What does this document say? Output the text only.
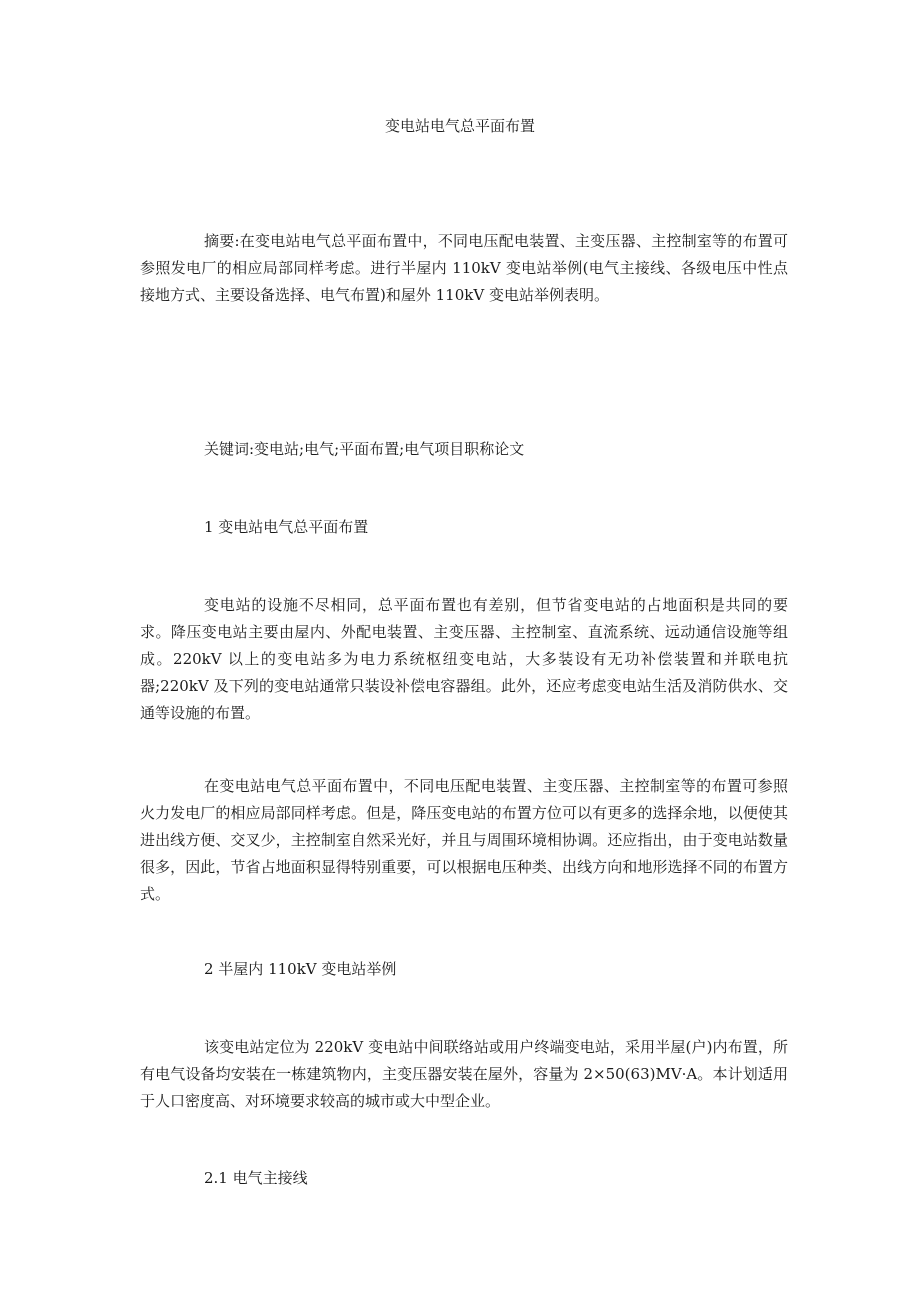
变电站电气总平面布置

摘要:在变电站电气总平面布置中，不同电压配电装置、主变压器、主控制室等的布置可参照发电厂的相应局部同样考虑。进行半屋内 110kV 变电站举例(电气主接线、各级电压中性点接地方式、主要设备选择、电气布置)和屋外 110kV 变电站举例表明。

关键词:变电站;电气;平面布置;电气项目职称论文

1 变电站电气总平面布置

变电站的设施不尽相同，总平面布置也有差别，但节省变电站的占地面积是共同的要求。降压变电站主要由屋内、外配电装置、主变压器、主控制室、直流系统、远动通信设施等组成。220kV 以上的变电站多为电力系统枢纽变电站，大多装设有无功补偿装置和并联电抗器;220kV 及下列的变电站通常只装设补偿电容器组。此外，还应考虑变电站生活及消防供水、交通等设施的布置。

在变电站电气总平面布置中，不同电压配电装置、主变压器、主控制室等的布置可参照火力发电厂的相应局部同样考虑。但是，降压变电站的布置方位可以有更多的选择余地，以便使其进出线方便、交叉少，主控制室自然采光好，并且与周围环境相协调。还应指出，由于变电站数量很多，因此，节省占地面积显得特别重要，可以根据电压种类、出线方向和地形选择不同的布置方式。

2 半屋内 110kV 变电站举例

该变电站定位为 220kV 变电站中间联络站或用户终端变电站，采用半屋(户)内布置，所有电气设备均安装在一栋建筑物内，主变压器安装在屋外，容量为 2×50(63)MV·A。本计划适用于人口密度高、对环境要求较高的城市或大中型企业。

2.1 电气主接线
